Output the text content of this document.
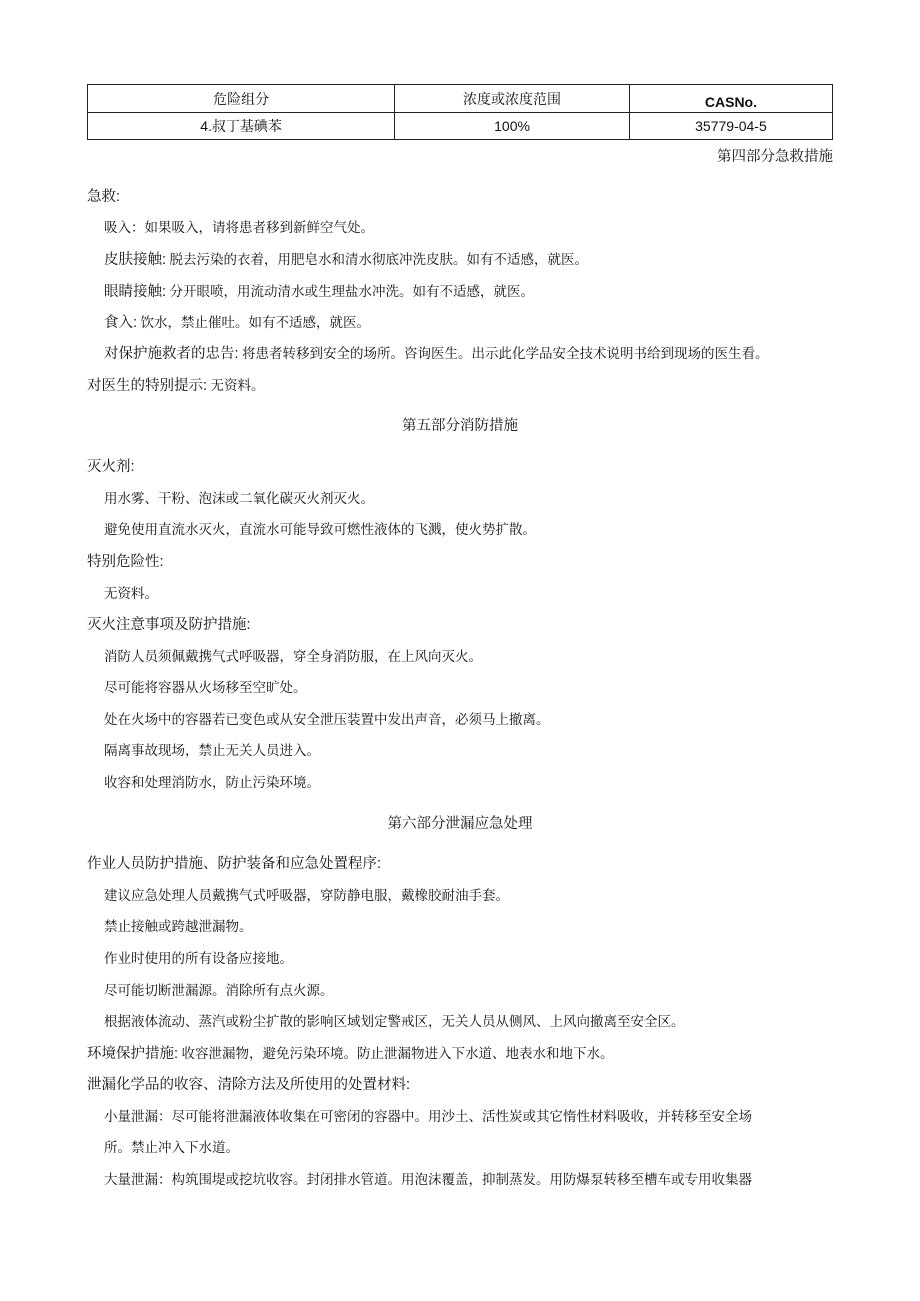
危险组分	浓度或浓度范围	CASNo.
4.叔丁基碘苯	100%	35779-04-5
第四部分急救措施
急救:
吸入：如果吸入，请将患者移到新鲜空气处。
皮肤接触: 脱去污染的衣着，用肥皂水和清水彻底冲洗皮肤。如有不适感，就医。
眼睛接触: 分开眼喷，用流动清水或生理盐水冲洗。如有不适感，就医。
食入: 饮水，禁止催吐。如有不适感，就医。
对保护施救者的忠告: 将患者转移到安全的场所。咨询医生。出示此化学品安全技术说明书给到现场的医生看。
对医生的特别提示: 无资料。
第五部分消防措施
灭火剂:
用水雾、干粉、泡沫或二氧化碳灭火剂灭火。
避免使用直流水灭火，直流水可能导致可燃性液体的飞溅，使火势扩散。
特别危险性:
无资料。
灭火注意事项及防护措施:
消防人员须佩戴携气式呼吸器，穿全身消防服，在上风向灭火。
尽可能将容器从火场移至空旷处。
处在火场中的容器若已变色或从安全泄压装置中发出声音，必须马上撤离。
隔离事故现场，禁止无关人员进入。
收容和处理消防水，防止污染环境。
第六部分泄漏应急处理
作业人员防护措施、防护装备和应急处置程序:
建议应急处理人员戴携气式呼吸器，穿防静电服，戴橡胶耐油手套。
禁止接触或跨越泄漏物。
作业时使用的所有设备应接地。
尽可能切断泄漏源。消除所有点火源。
根据液体流动、蒸汽或粉尘扩散的影响区域划定警戒区，无关人员从侧风、上风向撤离至安全区。
环境保护措施: 收容泄漏物，避免污染环境。防止泄漏物进入下水道、地表水和地下水。
泄漏化学品的收容、清除方法及所使用的处置材料:
小量泄漏：尽可能将泄漏液体收集在可密闭的容器中。用沙土、活性炭或其它惰性材料吸收，并转移至安全场
所。禁止冲入下水道。
大量泄漏：构筑围堤或挖坑收容。封闭排水管道。用泡沫覆盖，抑制蒸发。用防爆泵转移至槽车或专用收集器
